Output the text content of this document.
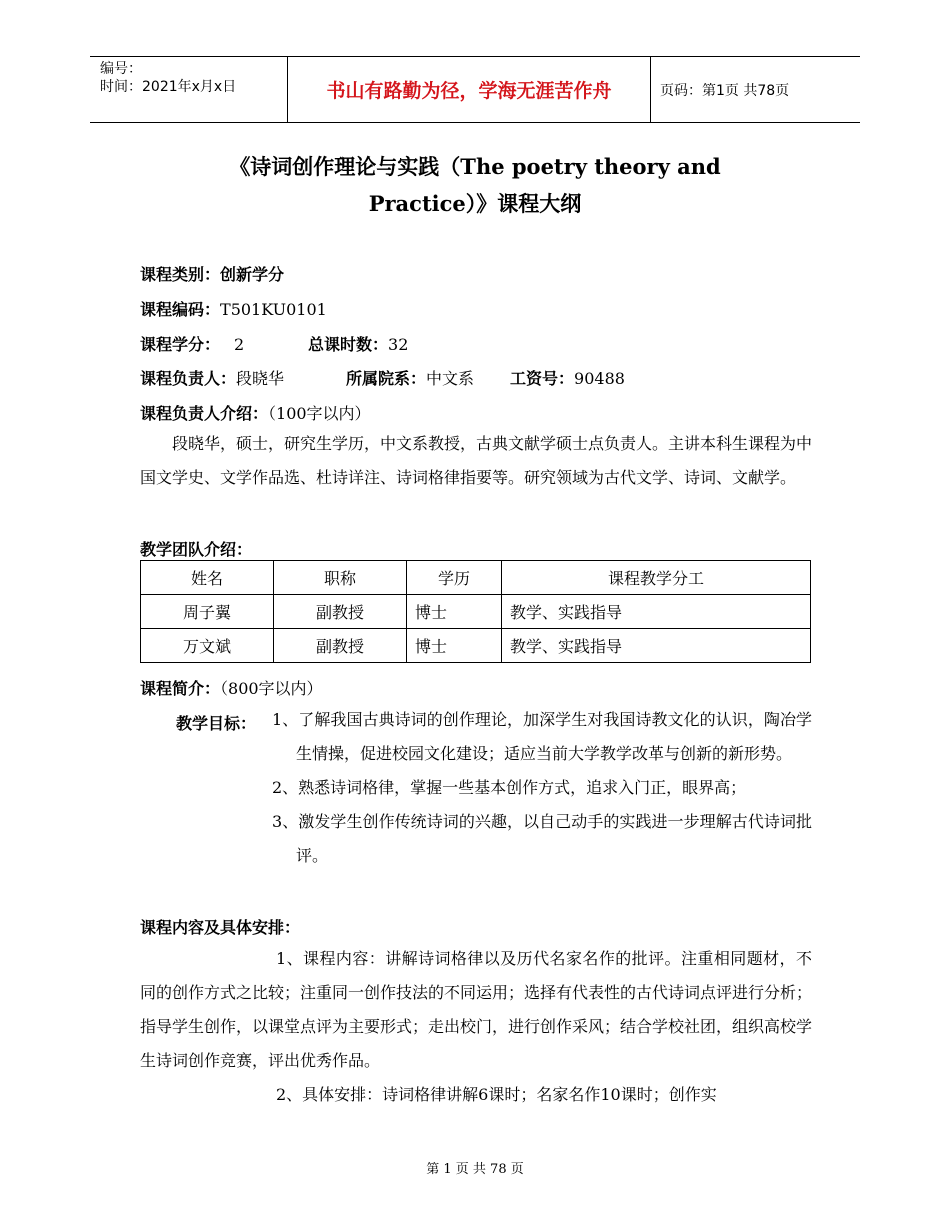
编号：
时间：2021年x月x日	书山有路勤为径，学海无涯苦作舟	页码：第1页 共78页
《诗词创作理论与实践（The poetry theory and
Practice）》课程大纲
课程类别：创新学分
课程编码：T501KU0101
课程学分： 2	总课时数：32
课程负责人：段晓华	所属院系：中文系 工资号：90488
课程负责人介绍：（100字以内）

段晓华，硕士，研究生学历，中文系教授，古典文献学硕士点负责人。主讲本科生课程为中国文学史、文学作品选、杜诗详注、诗词格律指要等。研究领域为古代文学、诗词、文献学。

教学团队介绍：
姓名	职称	学历	课程教学分工
周子翼	副教授	博士	教学、实践指导
万文斌	副教授	博士	教学、实践指导
课程简介：（800字以内）
教学目标： 1、了解我国古典诗词的创作理论，加深学生对我国诗教文化的认识，陶冶学生情操，促进校园文化建设；适应当前大学教学改革与创新的新形势。

2、熟悉诗词格律，掌握一些基本创作方式，追求入门正，眼界高；

3、激发学生创作传统诗词的兴趣，以自己动手的实践进一步理解古代诗词批评。

课程内容及具体安排：

1、课程内容：讲解诗词格律以及历代名家名作的批评。注重相同题材，不同的创作方式之比较；注重同一创作技法的不同运用；选择有代表性的古代诗词点评进行分析；指导学生创作，以课堂点评为主要形式；走出校门，进行创作采风；结合学校社团，组织高校学生诗词创作竞赛，评出优秀作品。

2、具体安排：诗词格律讲解6课时；名家名作10课时；创作实

第 1 页 共 78 页
